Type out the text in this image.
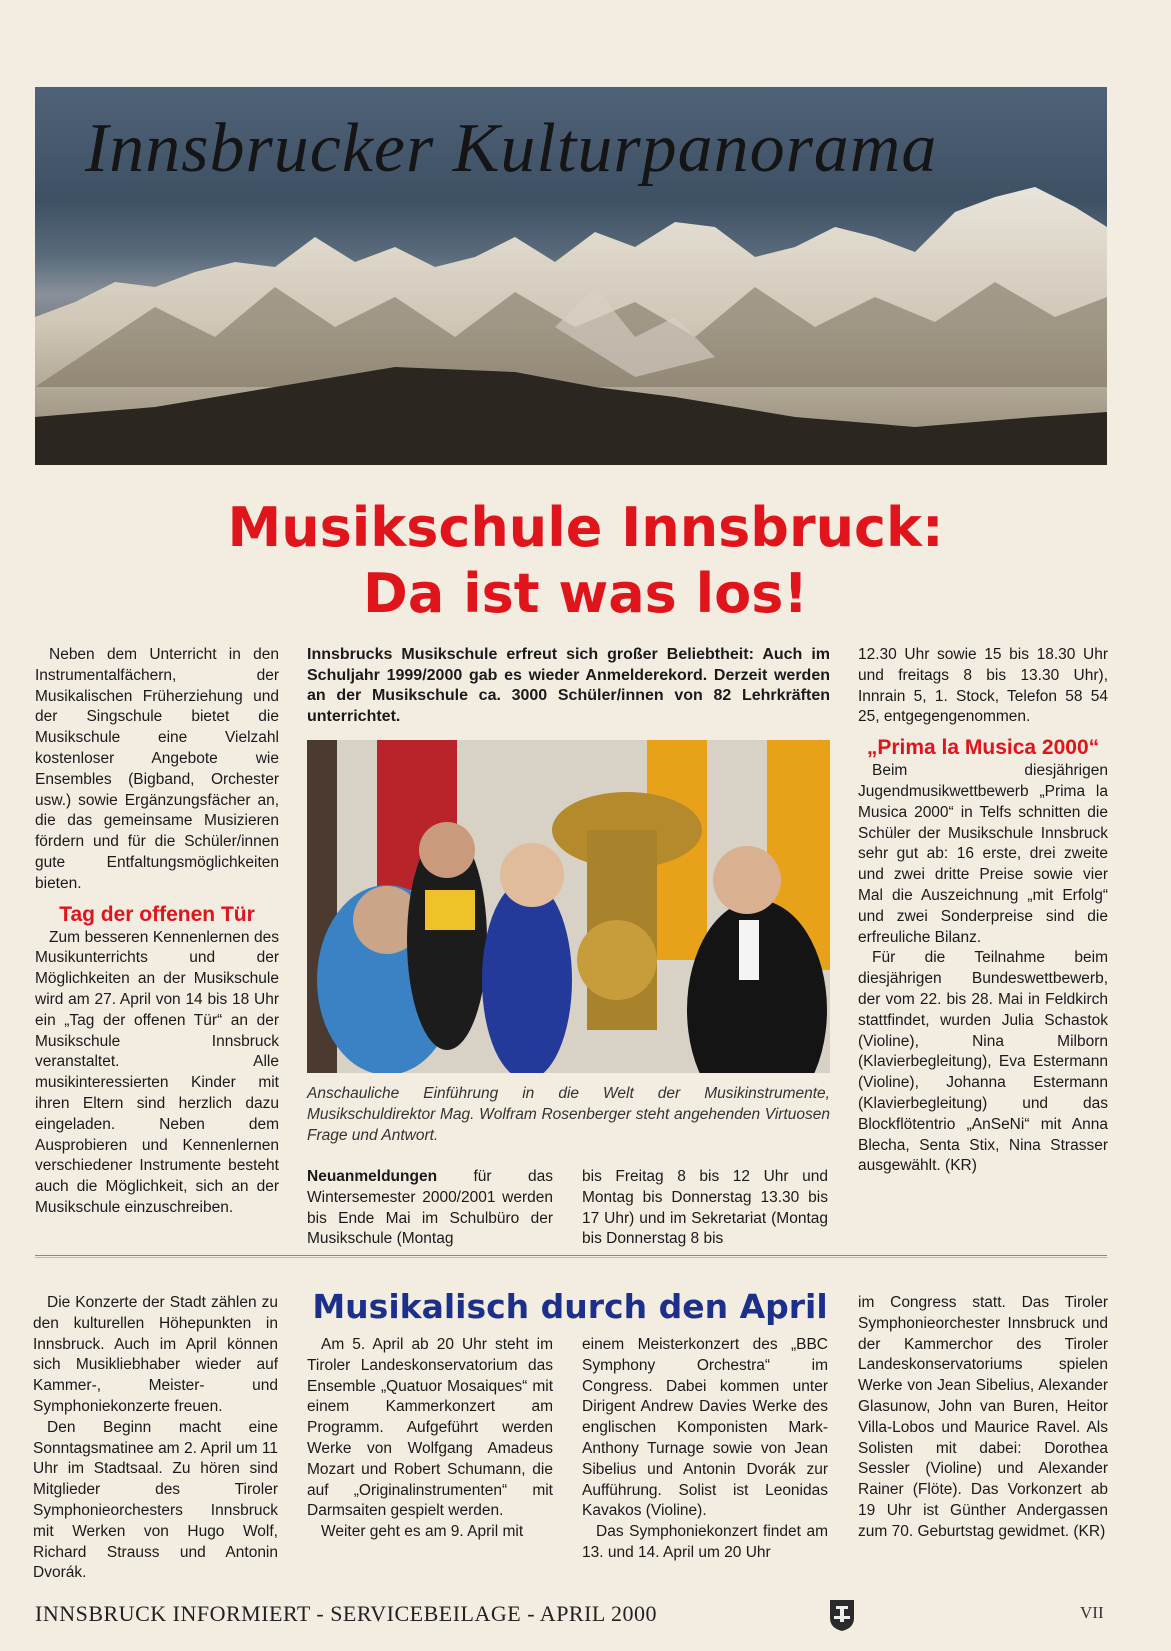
Innsbrucker Kulturpanorama
Musikschule Innsbruck:
Da ist was los!

Neben dem Unterricht in den Instrumentalfächern, der Musikalischen Früherziehung und der Singschule bietet die Musikschule eine Vielzahl kostenloser Angebote wie Ensembles (Bigband, Orchester usw.) sowie Ergänzungsfächer an, die das gemeinsame Musizieren fördern und für die Schüler/innen gute Entfaltungsmöglichkeiten bieten.

Tag der offenen Tür

Zum besseren Kennenlernen des Musikunterrichts und der Möglichkeiten an der Musikschule wird am 27. April von 14 bis 18 Uhr ein „Tag der offenen Tür“ an der Musikschule Innsbruck veranstaltet. Alle musikinteressierten Kinder mit ihren Eltern sind herzlich dazu eingeladen. Neben dem Ausprobieren und Kennenlernen verschiedener Instrumente besteht auch die Möglichkeit, sich an der Musikschule einzuschreiben.

Innsbrucks Musikschule erfreut sich großer Beliebtheit: Auch im Schuljahr 1999/2000 gab es wieder Anmelderekord. Derzeit werden an der Musikschule ca. 3000 Schüler/innen von 82 Lehrkräften unterrichtet.
Anschauliche Einführung in die Welt der Musikinstrumente, Musikschuldirektor Mag. Wolfram Rosenberger steht angehenden Virtuosen Frage und Antwort.
Neuanmeldungen für das Wintersemester 2000/2001 werden bis Ende Mai im Schulbüro der Musikschule (Montag
bis Freitag 8 bis 12 Uhr und Montag bis Donnerstag 13.30 bis 17 Uhr) und im Sekretariat (Montag bis Donnerstag 8 bis

12.30 Uhr sowie 15 bis 18.30 Uhr und freitags 8 bis 13.30 Uhr), Innrain 5, 1. Stock, Telefon 58 54 25, entgegengenommen.

„Prima la Musica 2000“

Beim diesjährigen Jugendmusikwettbewerb „Prima la Musica 2000“ in Telfs schnitten die Schüler der Musikschule Innsbruck sehr gut ab: 16 erste, drei zweite und zwei dritte Preise sowie vier Mal die Auszeichnung „mit Erfolg“ und zwei Sonderpreise sind die erfreuliche Bilanz.

Für die Teilnahme beim diesjährigen Bundeswettbewerb, der vom 22. bis 28. Mai in Feldkirch stattfindet, wurden Julia Schastok (Violine), Nina Milborn (Klavierbegleitung), Eva Estermann (Violine), Johanna Estermann (Klavierbegleitung) und das Blockflötentrio „AnSeNi“ mit Anna Blecha, Senta Stix, Nina Strasser ausgewählt. (KR)

Die Konzerte der Stadt zählen zu den kulturellen Höhepunkten in Innsbruck. Auch im April können sich Musikliebhaber wieder auf Kammer-, Meister- und Symphoniekonzerte freuen.

Den Beginn macht eine Sonntagsmatinee am 2. April um 11 Uhr im Stadtsaal. Zu hören sind Mitglieder des Tiroler Symphonieorchesters Innsbruck mit Werken von Hugo Wolf, Richard Strauss und Antonin Dvorák.

Musikalisch durch den April

Am 5. April ab 20 Uhr steht im Tiroler Landeskonservatorium das Ensemble „Quatuor Mosaiques“ mit einem Kammerkonzert am Programm. Aufgeführt werden Werke von Wolfgang Amadeus Mozart und Robert Schumann, die auf „Originalinstrumenten“ mit Darmsaiten gespielt werden.

Weiter geht es am 9. April mit

einem Meisterkonzert des „BBC Symphony Orchestra“ im Congress. Dabei kommen unter Dirigent Andrew Davies Werke des englischen Komponisten Mark-Anthony Turnage sowie von Jean Sibelius und Antonin Dvorák zur Aufführung. Solist ist Leonidas Kavakos (Violine).

Das Symphoniekonzert findet am 13. und 14. April um 20 Uhr

im Congress statt. Das Tiroler Symphonieorchester Innsbruck und der Kammerchor des Tiroler Landeskonservatoriums spielen Werke von Jean Sibelius, Alexander Glasunow, John van Buren, Heitor Villa-Lobos und Maurice Ravel. Als Solisten mit dabei: Dorothea Sessler (Violine) und Alexander Rainer (Flöte). Das Vorkonzert ab 19 Uhr ist Günther Andergassen zum 70. Geburtstag gewidmet. (KR)

INNSBRUCK INFORMIERT - SERVICEBEILAGE - APRIL 2000	VII
